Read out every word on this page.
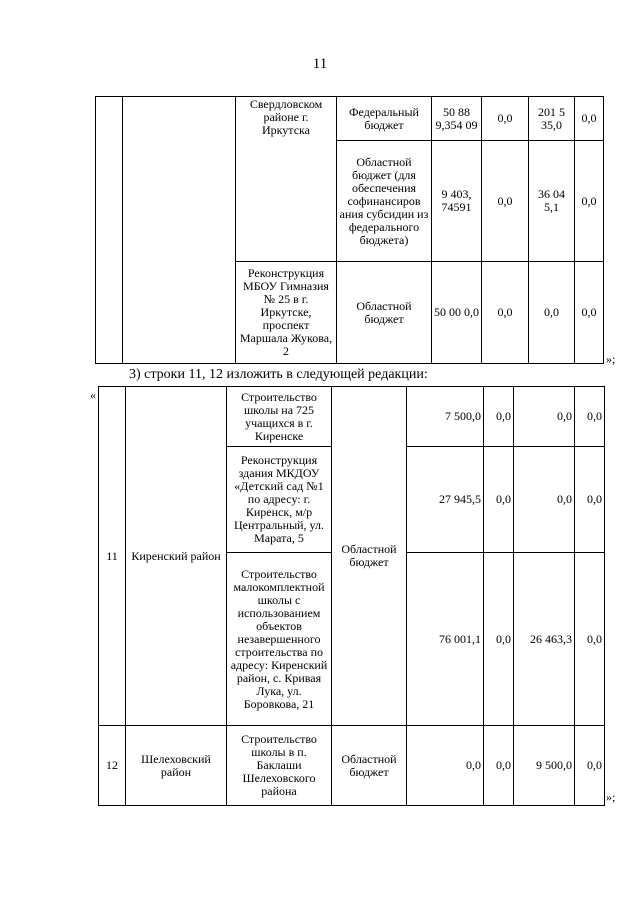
11
		Свердловском районе г. Иркутска	Федеральный бюджет	50 88 9,354 09	0,0	201 5 35,0	0,0
			Областной бюджет (для обеспечения софинансиров ания субсидии из федерального бюджета)	9 403, 74591	0,0	36 04 5,1	0,0
		Реконструкция МБОУ Гимназия № 25 в г. Иркутске, проспект Маршала Жукова, 2	Областной бюджет	50 00 0,0	0,0	0,0	0,0
»;
3) строки 11, 12 изложить в следующей редакции:
«
11	Киренский район	Строительство школы на 725 учащихся в г. Киренске	Областной бюджет	7 500,0	0,0	0,0	0,0
		Реконструкция здания МКДОУ «Детский сад №1 по адресу: г. Киренск, м/р Центральный, ул. Марата, 5		27 945,5	0,0	0,0	0,0
		Строительство малокомплектной школы с использованием объектов незавершенного строительства по адресу: Киренский район, с. Кривая Лука, ул. Боровкова, 21		76 001,1	0,0	26 463,3	0,0
12	Шелеховский район	Строительство школы в п. Баклаши Шелеховского района	Областной бюджет	0,0	0,0	9 500,0	0,0
»;
